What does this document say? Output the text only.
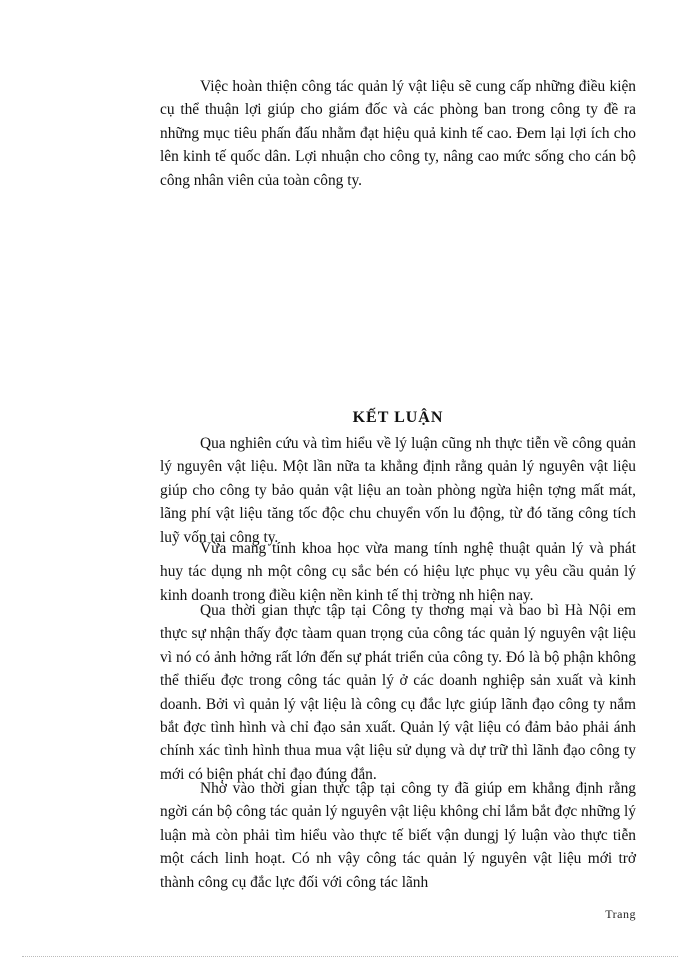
Việc hoàn thiện công tác quản lý vật liệu sẽ cung cấp những điều kiện cụ thể thuận lợi giúp cho giám đốc và các phòng ban trong công ty đề ra những mục tiêu phấn đấu nhằm đạt hiệu quả kinh tế cao. Đem lại lợi ích cho lên kinh tế quốc dân. Lợi nhuận cho công ty, nâng cao mức sống cho cán bộ công nhân viên của toàn công ty.

KẾT LUẬN

Qua nghiên cứu và tìm hiểu về lý luận cũng nh thực tiễn về công quản lý nguyên vật liệu. Một lần nữa ta khẳng định rằng quản lý nguyên vật liệu giúp cho công ty bảo quản vật liệu an toàn phòng ngừa hiện tợng mất mát, lãng phí vật liệu tăng tốc độc chu chuyển vốn lu động, từ đó tăng công tích luỹ vốn tại công ty.

Vừa mang tính khoa học vừa mang tính nghệ thuật quản lý và phát huy tác dụng nh một công cụ sắc bén có hiệu lực phục vụ yêu cầu quản lý kinh doanh trong điều kiện nền kinh tế thị trờng nh hiện nay.

Qua thời gian thực tập tại Công ty thơng mại và bao bì Hà Nội em thực sự nhận thấy đợc tàam quan trọng của công tác quản lý nguyên vật liệu vì nó có ảnh hởng rất lớn đến sự phát triển của công ty. Đó là bộ phận không thể thiếu đợc trong công tác quản lý ở các doanh nghiệp sản xuất và kinh doanh. Bởi vì quản lý vật liệu là công cụ đắc lực giúp lãnh đạo công ty nắm bắt đợc tình hình và chỉ đạo sản xuất. Quản lý vật liệu có đảm bảo phải ánh chính xác tình hình thua mua vật liệu sử dụng và dự trữ thì lãnh đạo công ty mới có biện phát chỉ đạo đúng đắn.

Nhờ vào thời gian thực tập tại công ty đã giúp em khẳng định rằng ngời cán bộ công tác quản lý nguyên vật liệu không chỉ lắm bắt đợc những lý luận mà còn phải tìm hiểu vào thực tế biết vận dungj lý luận vào thực tiễn một cách linh hoạt. Có nh vậy công tác quản lý nguyên vật liệu mới trở thành công cụ đắc lực đối với công tác lãnh

Trang
